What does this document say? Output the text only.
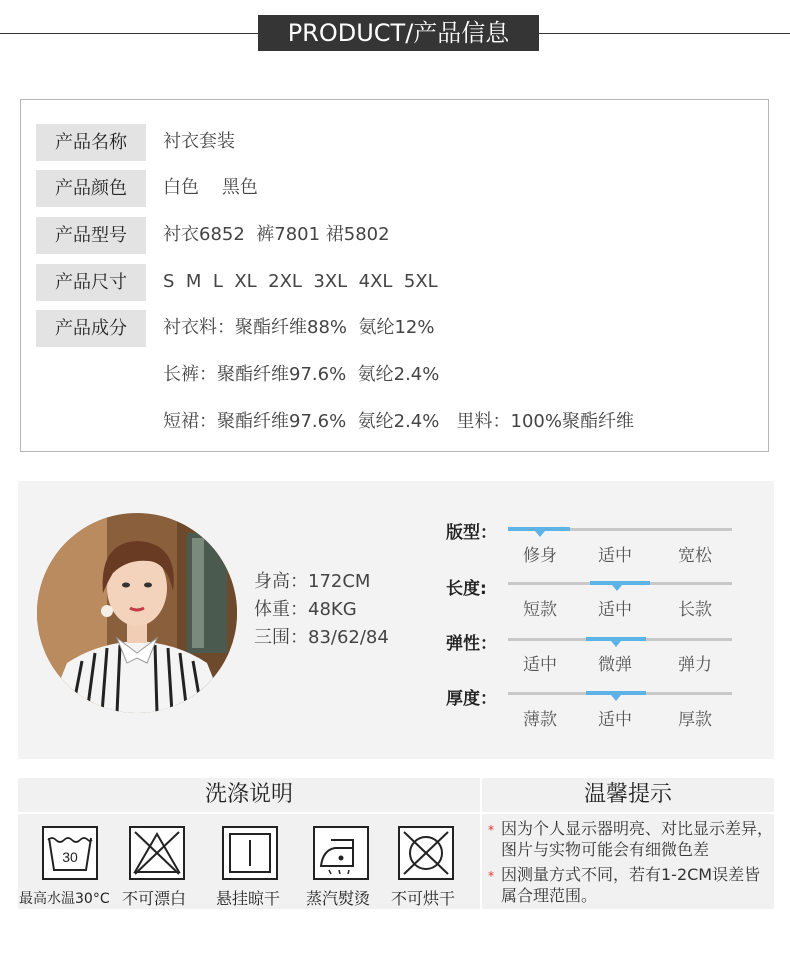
PRODUCT/产品信息
产品名称	衬衣套装
产品颜色	白色    黑色
产品型号	衬衣6852  裤7801 裙5802
产品尺寸	S  M  L  XL  2XL  3XL  4XL  5XL
产品成分	衬衣料：聚酯纤维88%  氨纶12%
长裤：聚酯纤维97.6%  氨纶2.4%
短裙：聚酯纤维97.6%  氨纶2.4%   里料：100%聚酯纤维
身高：172CM
体重：48KG
三围：83/62/84
版型：
修身	适中	宽松
长度:
短款	适中	长款
弹性：
适中	微弹	弹力
厚度：
薄款	适中	厚款
洗涤说明	温馨提示
30
最高水温30°C 不可漂白 悬挂晾干 蒸汽熨烫 不可烘干
* 因为个人显示器明亮、对比显示差异，图片与实物可能会有细微色差
* 因测量方式不同，若有1-2CM误差皆属合理范围。
